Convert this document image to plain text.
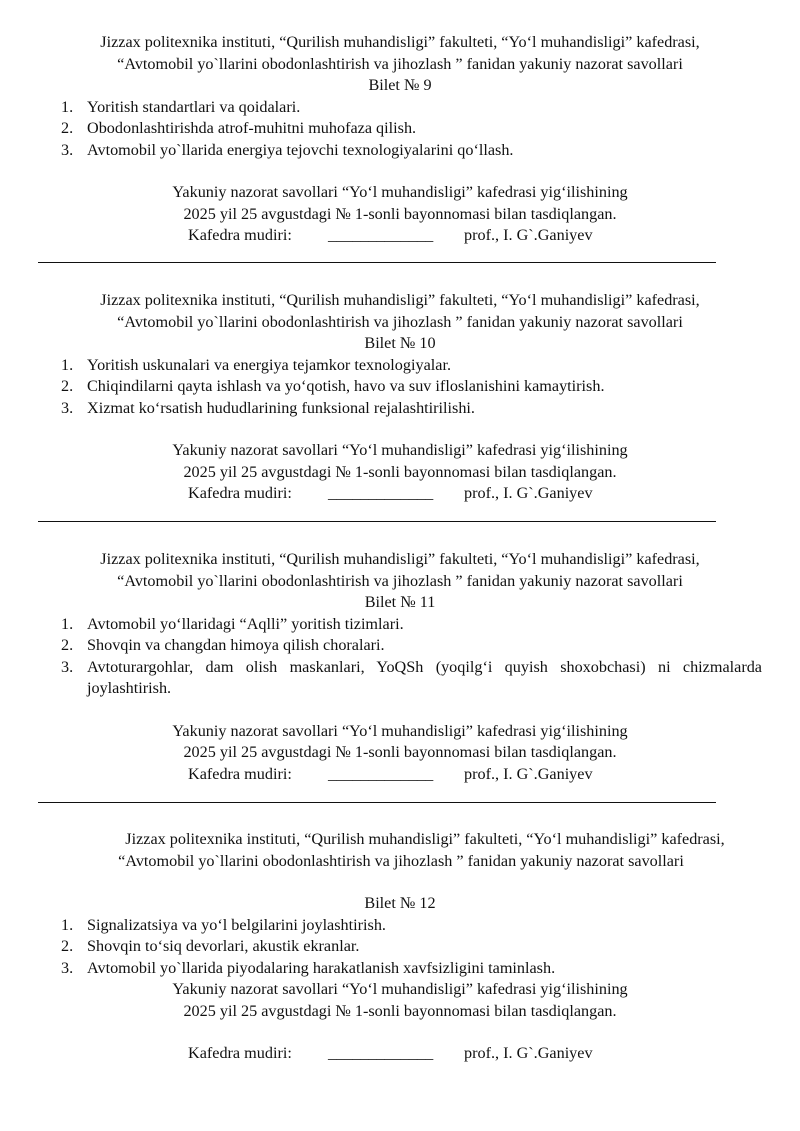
Jizzax politexnika instituti, “Qurilish muhandisligi” fakulteti, “Yo‘l muhandisligi” kafedrasi,

“Avtomobil yo`llarini obodonlashtirish va jihozlash ” fanidan yakuniy nazorat savollari

Bilet № 9

1. Yoritish standartlari va qoidalari.
2. Obodonlashtirishda atrof-muhitni muhofaza qilish.
3. Avtomobil yo`llarida energiya tejovchi texnologiyalarini qo‘llash.

Yakuniy nazorat savollari “Yo‘l muhandisligi” kafedrasi yig‘ilishining

2025 yil 25 avgustdagi № 1-sonli bayonnomasi bilan tasdiqlangan.

Kafedra mudiri: _____________ prof., I. G`.Ganiyev

Jizzax politexnika instituti, “Qurilish muhandisligi” fakulteti, “Yo‘l muhandisligi” kafedrasi,

“Avtomobil yo`llarini obodonlashtirish va jihozlash ” fanidan yakuniy nazorat savollari

Bilet № 10

1. Yoritish uskunalari va energiya tejamkor texnologiyalar.
2. Chiqindilarni qayta ishlash va yo‘qotish, havo va suv ifloslanishini kamaytirish.
3. Xizmat ko‘rsatish hududlarining funksional rejalashtirilishi.

Yakuniy nazorat savollari “Yo‘l muhandisligi” kafedrasi yig‘ilishining

2025 yil 25 avgustdagi № 1-sonli bayonnomasi bilan tasdiqlangan.

Kafedra mudiri: _____________ prof., I. G`.Ganiyev

Jizzax politexnika instituti, “Qurilish muhandisligi” fakulteti, “Yo‘l muhandisligi” kafedrasi,

“Avtomobil yo`llarini obodonlashtirish va jihozlash ” fanidan yakuniy nazorat savollari

Bilet № 11

1. Avtomobil yo‘llaridagi “Aqlli” yoritish tizimlari.
2. Shovqin va changdan himoya qilish choralari.
3. Avtoturargohlar, dam olish maskanlari, YoQSh (yoqilg‘i quyish shoxobchasi) ni chizmalarda joylashtirish.

Yakuniy nazorat savollari “Yo‘l muhandisligi” kafedrasi yig‘ilishining

2025 yil 25 avgustdagi № 1-sonli bayonnomasi bilan tasdiqlangan.

Kafedra mudiri: _____________ prof., I. G`.Ganiyev

Jizzax politexnika instituti, “Qurilish muhandisligi” fakulteti, “Yo‘l muhandisligi” kafedrasi, “Avtomobil yo`llarini obodonlashtirish va jihozlash ” fanidan yakuniy nazorat savollari

Bilet № 12

1. Signalizatsiya va yo‘l belgilarini joylashtirish.
2. Shovqin to‘siq devorlari, akustik ekranlar.
3. Avtomobil yo`llarida piyodalaring harakatlanish xavfsizligini taminlash.

Yakuniy nazorat savollari “Yo‘l muhandisligi” kafedrasi yig‘ilishining

2025 yil 25 avgustdagi № 1-sonli bayonnomasi bilan tasdiqlangan.

Kafedra mudiri: _____________ prof., I. G`.Ganiyev
